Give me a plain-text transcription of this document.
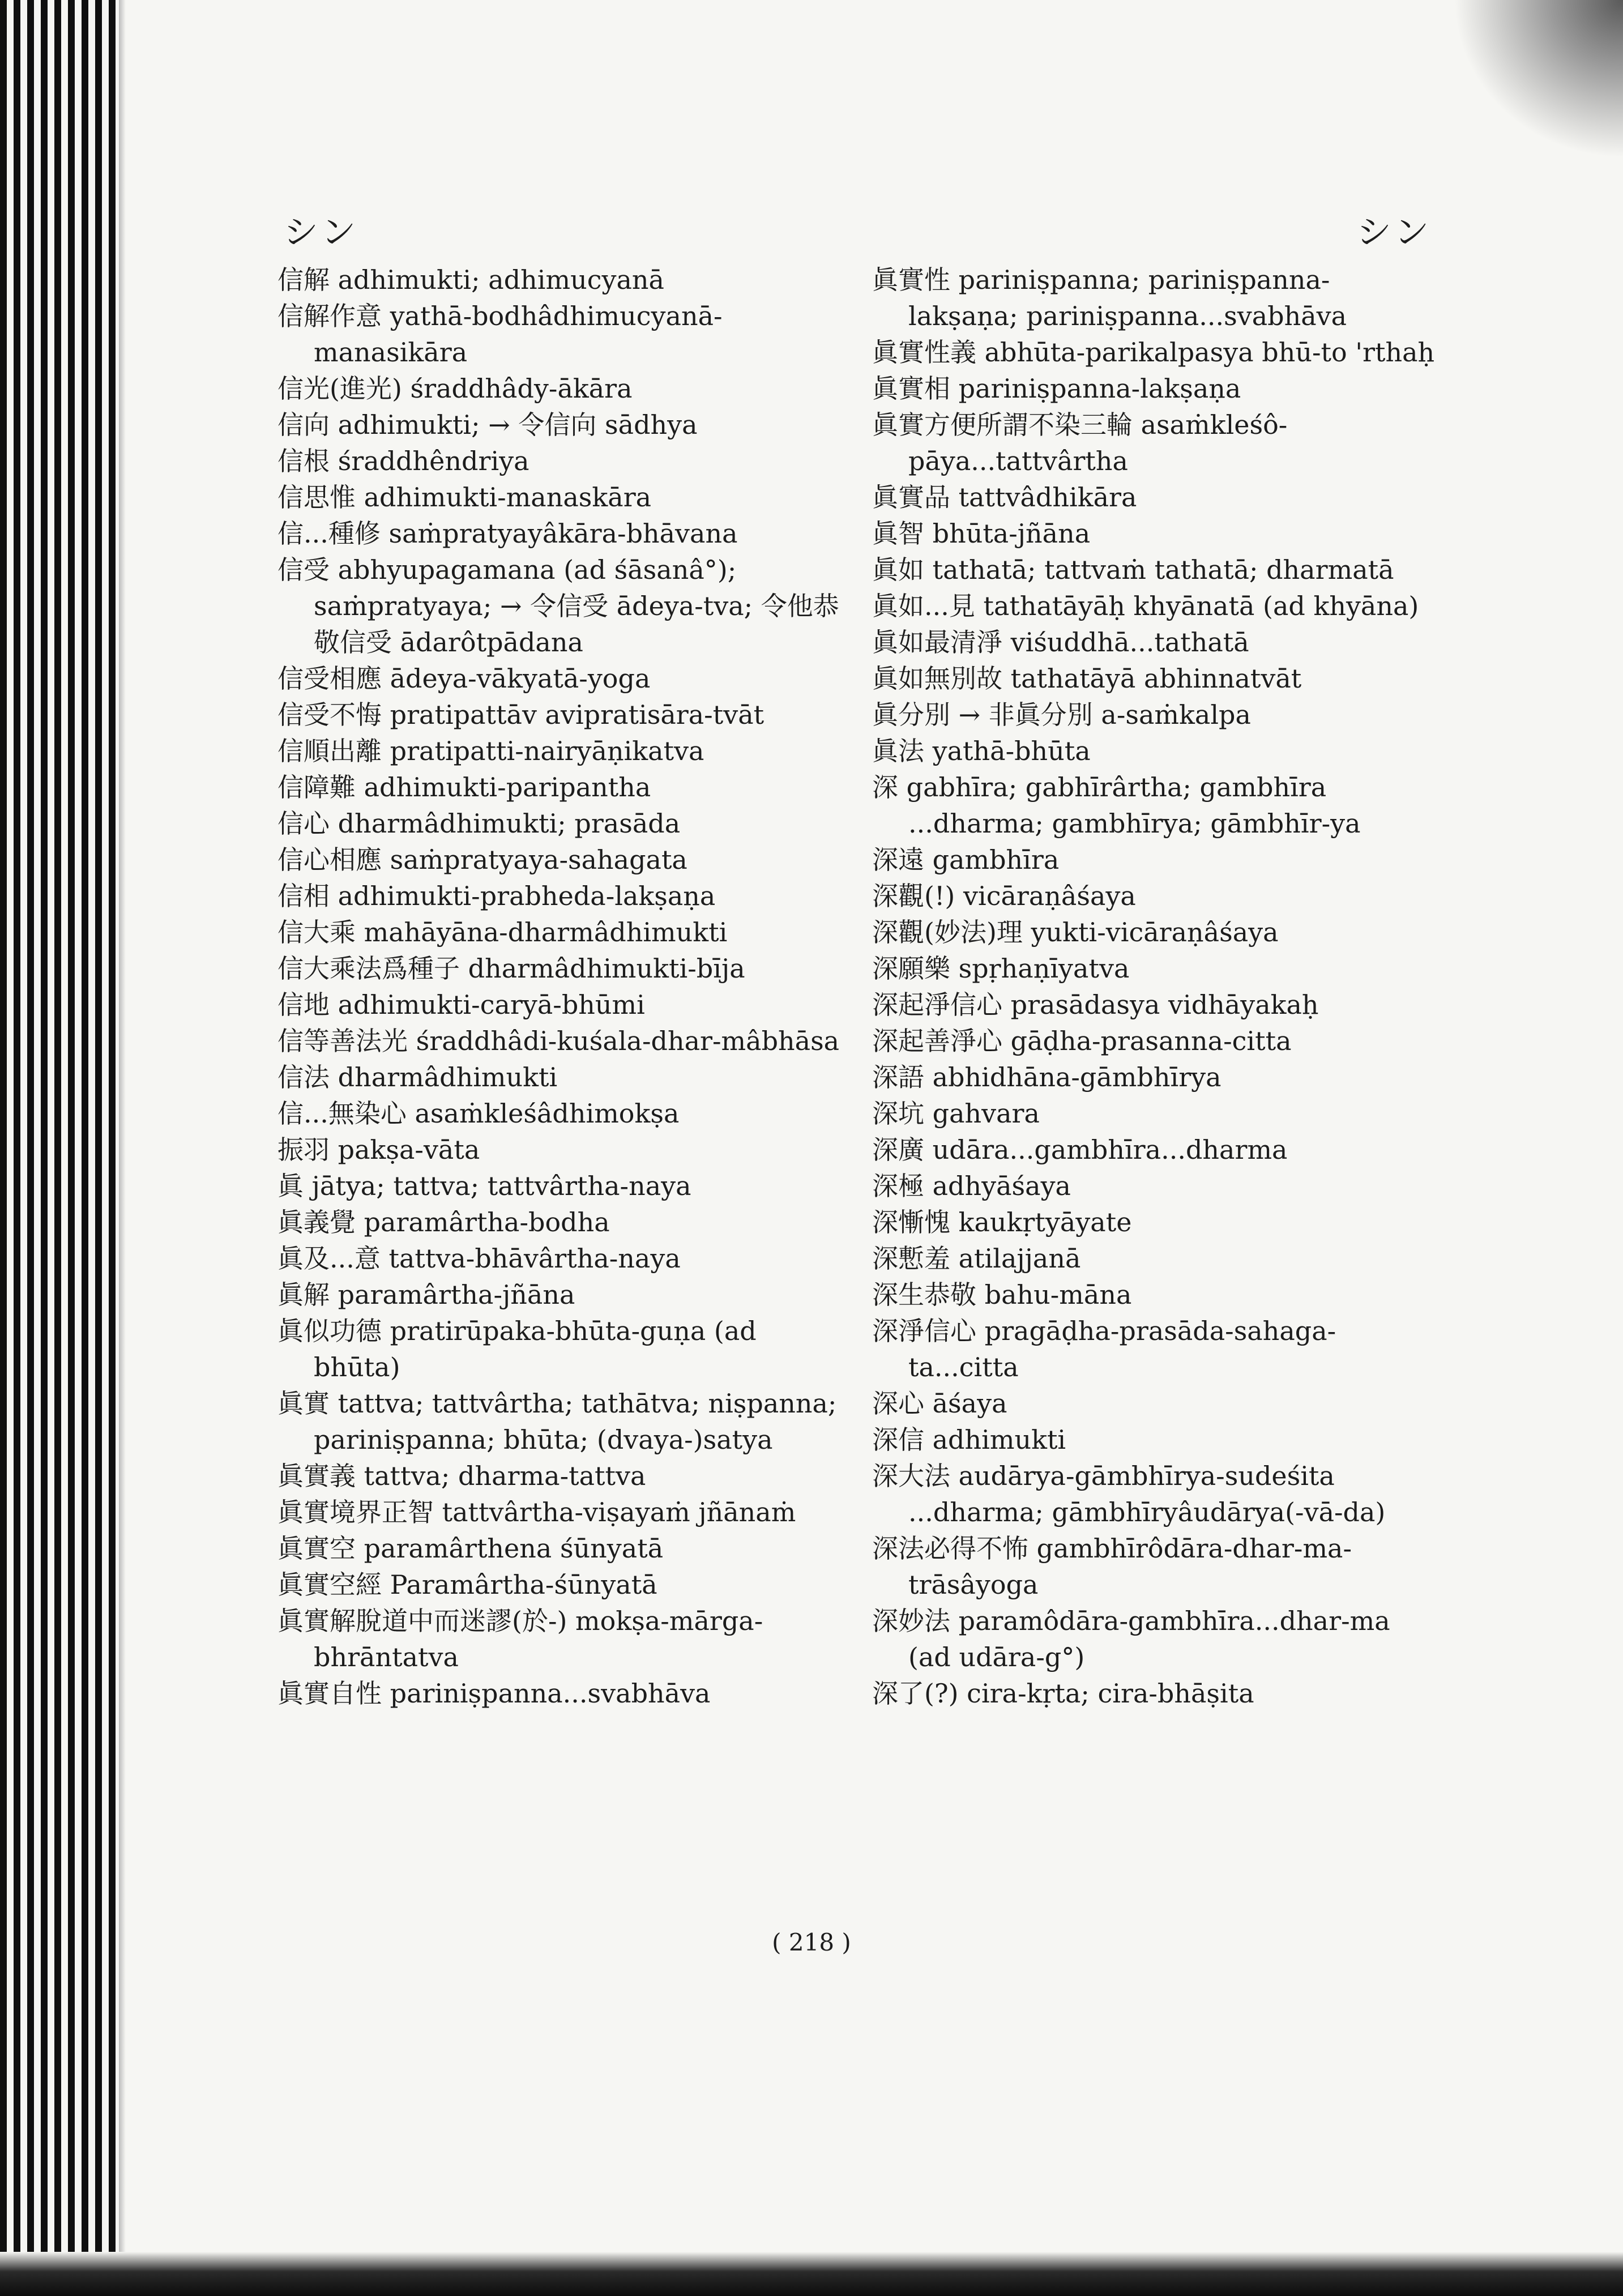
シン	シン
信解 adhimukti; adhimucyanā
信解作意 yathā-bodhâdhimucyanā-manasikāra
信光(進光) śraddhâdy-ākāra
信向 adhimukti; → 令信向 sādhya
信根 śraddhêndriya
信思惟 adhimukti-manaskāra
信...種修 saṁpratyayâkāra-bhāvana
信受 abhyupagamana (ad śāsanâ°); saṁpratyaya; → 令信受 ādeya-tva; 令他恭敬信受 ādarôtpādana
信受相應 ādeya-vākyatā-yoga
信受不悔 pratipattāv avipratisāra-tvāt
信順出離 pratipatti-nairyāṇikatva
信障難 adhimukti-paripantha
信心 dharmâdhimukti; prasāda
信心相應 saṁpratyaya-sahagata
信相 adhimukti-prabheda-lakṣaṇa
信大乘 mahāyāna-dharmâdhimukti
信大乘法爲種子 dharmâdhimukti-bīja
信地 adhimukti-caryā-bhūmi
信等善法光 śraddhâdi-kuśala-dhar-mâbhāsa
信法 dharmâdhimukti
信...無染心 asaṁkleśâdhimokṣa
振羽 pakṣa-vāta
眞 jātya; tattva; tattvârtha-naya
眞義覺 paramârtha-bodha
眞及...意 tattva-bhāvârtha-naya
眞解 paramârtha-jñāna
眞似功德 pratirūpaka-bhūta-guṇa (ad bhūta)
眞實 tattva; tattvârtha; tathātva; niṣpanna; pariniṣpanna; bhūta; (dvaya-)satya
眞實義 tattva; dharma-tattva
眞實境界正智 tattvârtha-viṣayaṁ jñānaṁ
眞實空 paramârthena śūnyatā
眞實空經 Paramârtha-śūnyatā
眞實解脫道中而迷謬(於-) mokṣa-mārga-bhrāntatva
眞實自性 pariniṣpanna...svabhāva
眞實性 pariniṣpanna; pariniṣpanna-lakṣaṇa; pariniṣpanna...svabhāva
眞實性義 abhūta-parikalpasya bhū-to 'rthaḥ
眞實相 pariniṣpanna-lakṣaṇa
眞實方便所謂不染三輪 asaṁkleśô-pāya...tattvârtha
眞實品 tattvâdhikāra
眞智 bhūta-jñāna
眞如 tathatā; tattvaṁ tathatā; dharmatā
眞如...見 tathatāyāḥ khyānatā (ad khyāna)
眞如最清淨 viśuddhā...tathatā
眞如無別故 tathatāyā abhinnatvāt
眞分別 → 非眞分別 a-saṁkalpa
眞法 yathā-bhūta
深 gabhīra; gabhīrârtha; gambhīra ...dharma; gambhīrya; gāmbhīr-ya
深遠 gambhīra
深觀(!) vicāraṇâśaya
深觀(妙法)理 yukti-vicāraṇâśaya
深願樂 spṛhaṇīyatva
深起淨信心 prasādasya vidhāyakaḥ
深起善淨心 gāḍha-prasanna-citta
深語 abhidhāna-gāmbhīrya
深坑 gahvara
深廣 udāra...gambhīra...dharma
深極 adhyāśaya
深慚愧 kaukṛtyāyate
深慙羞 atilajjanā
深生恭敬 bahu-māna
深淨信心 pragāḍha-prasāda-sahaga-ta...citta
深心 āśaya
深信 adhimukti
深大法 audārya-gāmbhīrya-sudeśita ...dharma; gāmbhīryâudārya(-vā-da)
深法必得不怖 gambhīrôdāra-dhar-ma-trāsâyoga
深妙法 paramôdāra-gambhīra...dhar-ma (ad udāra-g°)
深了(?) cira-kṛta; cira-bhāṣita
( 218 )
